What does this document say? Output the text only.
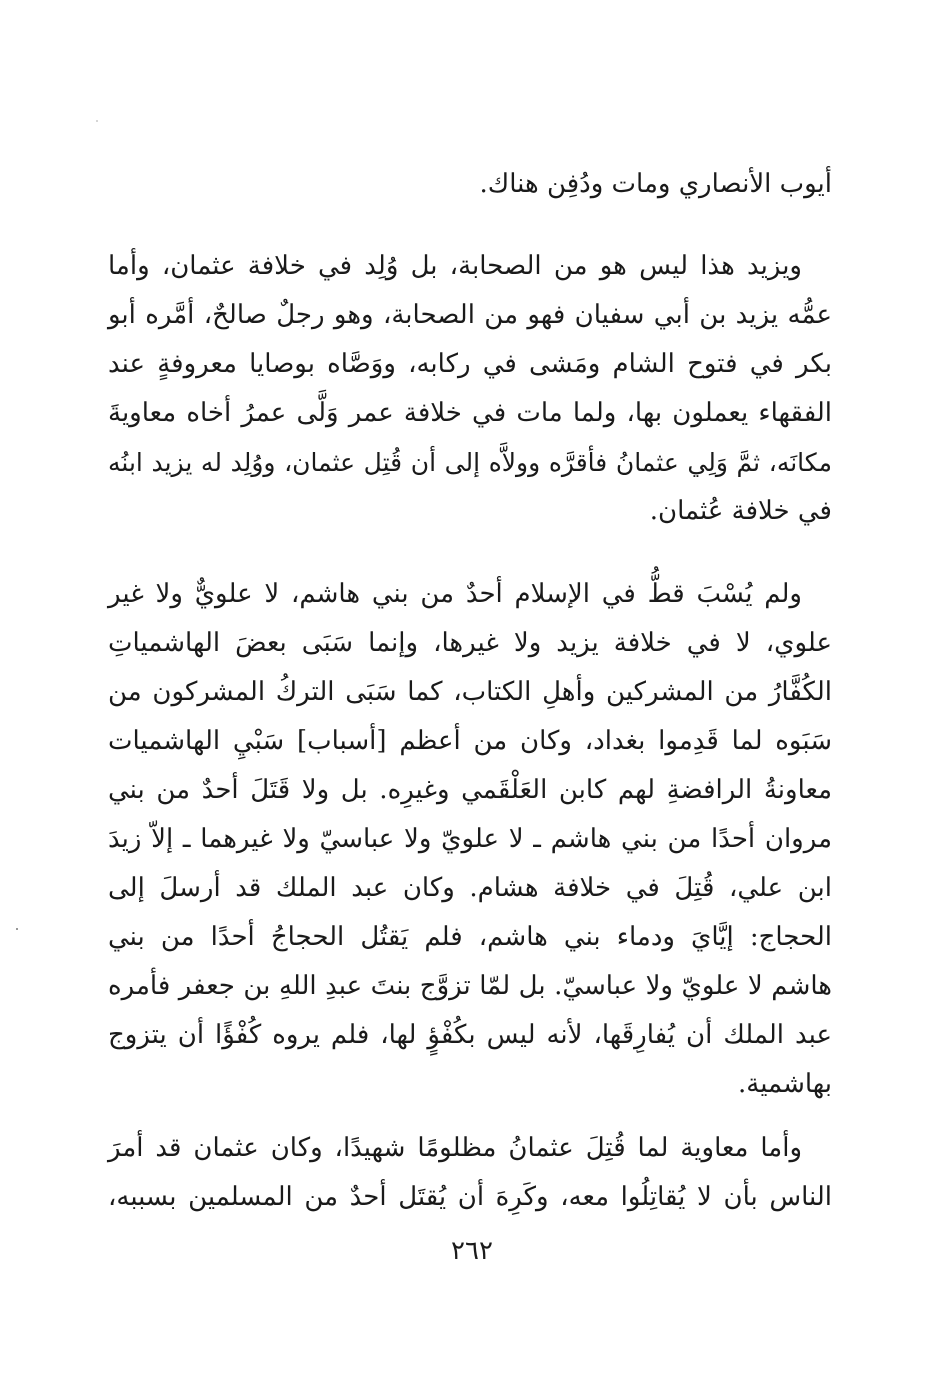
أيوب الأنصاري ومات ودُفِن هناك.
ويزيد هذا ليس هو من الصحابة، بل وُلِد في خلافة عثمان، وأما
عمُّه يزيد بن أبي سفيان فهو من الصحابة، وهو رجلٌ صالحٌ، أمَّره أبو
بكر في فتوح الشام ومَشى في ركابه، ووَصَّاه بوصايا معروفةٍ عند
الفقهاء يعملون بها، ولما مات في خلافة عمر وَلَّى عمرُ أخاه معاويةَ
مكانَه، ثمَّ وَلِي عثمانُ فأقرَّه وولاَّه إلى أن قُتِل عثمان، ووُلِد له يزيد ابنُه
في خلافة عُثمان.
ولم يُسْبَ قطُّ في الإسلام أحدٌ من بني هاشم، لا علويٌّ ولا غير
علوي، لا في خلافة يزيد ولا غيرها، وإنما سَبَى بعضَ الهاشمياتِ
الكُفَّارُ من المشركين وأهلِ الكتاب، كما سَبَى التركُ المشركون من
سَبَوه لما قَدِموا بغداد، وكان من أعظم [أسباب] سَبْيِ الهاشميات
معاونةُ الرافضةِ لهم كابن العَلْقَمي وغيرِه. بل ولا قَتَلَ أحدٌ من بني
مروان أحدًا من بني هاشم ـ لا علويّ ولا عباسيّ ولا غيرهما ـ إلاّ زيدَ
ابن علي، قُتِلَ في خلافة هشام. وكان عبد الملك قد أرسلَ إلى
الحجاج: إيَّايَ ودماء بني هاشم، فلم يَقتُل الحجاجُ أحدًا من بني
هاشم لا علويّ ولا عباسيّ. بل لمّا تزوَّج بنتَ عبدِ اللهِ بن جعفر فأمره
عبد الملك أن يُفارِقَها، لأنه ليس بكُفْؤٍ لها، فلم يروه كُفْؤًا أن يتزوج
بهاشمية.
وأما معاوية لما قُتِلَ عثمانُ مظلومًا شهيدًا، وكان عثمان قد أمرَ
الناس بأن لا يُقاتِلُوا معه، وكَرِهَ أن يُقتَل أحدٌ من المسلمين بسببه،
٢٦٢
